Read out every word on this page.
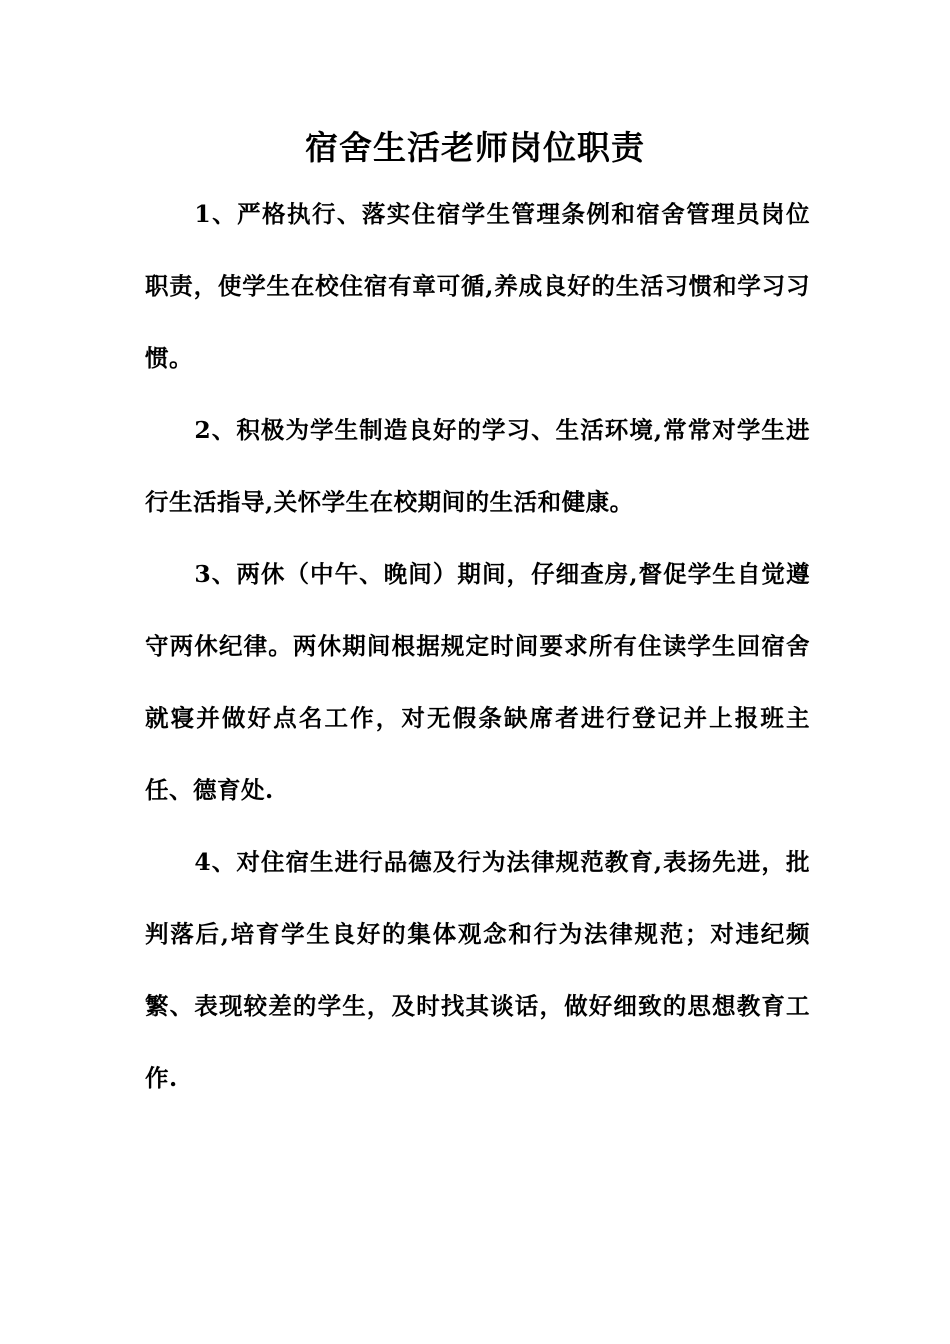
宿舍生活老师岗位职责

1、严格执行、落实住宿学生管理条例和宿舍管理员岗位职责，使学生在校住宿有章可循,养成良好的生活习惯和学习习惯。

2、积极为学生制造良好的学习、生活环境,常常对学生进行生活指导,关怀学生在校期间的生活和健康。

3、两休（中午、晚间）期间，仔细查房,督促学生自觉遵守两休纪律。两休期间根据规定时间要求所有住读学生回宿舍就寝并做好点名工作，对无假条缺席者进行登记并上报班主任、德育处.

4、对住宿生进行品德及行为法律规范教育,表扬先进，批判落后,培育学生良好的集体观念和行为法律规范；对违纪频繁、表现较差的学生，及时找其谈话，做好细致的思想教育工作.
